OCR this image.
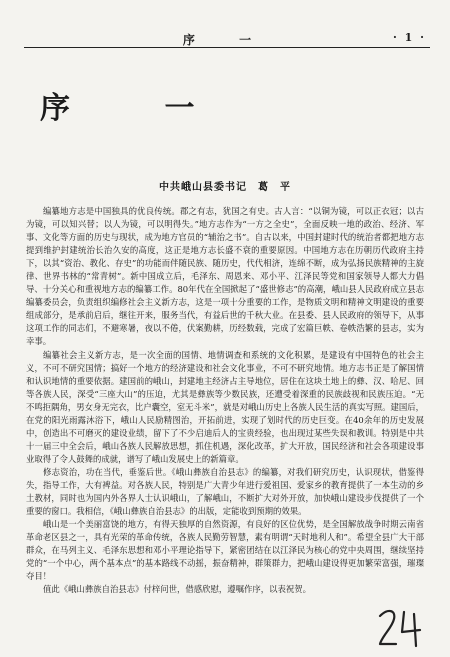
序 一	· 1 ·
序 一
中共峨山县委书记　葛　平

编纂地方志是中国独具的优良传统。郡之有志，犹国之有史。古人言：“以铜为镜，可以正衣冠；以古为镜，可以知兴替；以人为镜，可以明得失。”地方志作为“一方之全史”，全面反映一地的政治、经济、军事、文化等方面的历史与现状，成为地方官员的“辅治之书”。自古以来，中国封建时代的统治者都把地方志提到维护封建统治长治久安的高度，这正是地方志长盛不衰的重要原因。中国地方志在历朝历代政府主持下，以其“资治、教化、存史”的功能而伴随民族、随历史，代代相济，连绵不断，成为弘扬民族精神的主旋律、世界书林的“常青树”。新中国成立后，毛泽东、周恩来、邓小平、江泽民等党和国家领导人都大力倡导、十分关心和重视地方志的编纂工作。80年代在全国掀起了“盛世修志”的高潮，峨山县人民政府成立县志编纂委员会，负责组织编修社会主义新方志，这是一项十分重要的工作，是物质文明和精神文明建设的重要组成部分，是承前启后，继往开来，服务当代，有益后世的千秋大业。在县委、县人民政府的领导下，从事这项工作的同志们，不避寒暑，夜以不倦，伏案勤耕，历经数载，完成了宏篇巨帙、卷帙浩繁的县志，实为幸事。

编纂社会主义新方志，是一次全面的国情、地情调查和系统的文化积累，是建设有中国特色的社会主义，不可不研究国情；搞好一个地方的经济建设和社会文化事业，不可不研究地情。地方志书正是了解国情和认识地情的重要依据。建国前的峨山，封建地主经济占主导地位，居住在这块土地上的彝、汉、哈尼、回等各族人民，深受“三座大山”的压迫，尤其是彝族等少数民族，还遭受着深重的民族歧视和民族压迫。“无不鸣拒隅角，男女身无完衣，比户囊空，室无斗米”，就是对峨山历史上各族人民生活的真实写照。建国后，在党的阳光雨露沐浴下，峨山人民励精图治，开拓前进，实现了划时代的历史巨变。在40余年的历史发展中，创造出不可磨灭的建设业绩，留下了不少启迪后人的宝贵经验，也出现过某些失误和教训。特别是中共十一届三中全会后，峨山各族人民解放思想，抓住机遇，深化改革，扩大开放，国民经济和社会各项建设事业取得了令人鼓舞的成就，谱写了峨山发展史上的新篇章。

修志资治，功在当代，垂鉴后世。《峨山彝族自治县志》的编纂，对我们研究历史，认识现状，借鉴得失，指导工作，大有裨益。对各族人民，特别是广大青少年进行爱祖国、爱家乡的教育提供了一本生动的乡土教材，同时也为国内外各界人士认识峨山，了解峨山，不断扩大对外开放，加快峨山建设步伐提供了一个重要的窗口。我相信，《峨山彝族自治县志》的出版，定能收到预期的效果。

峨山是一个美丽富饶的地方，有得天独厚的自然资源，有良好的区位优势，是全国解放战争时期云南省革命老区县之一，具有光荣的革命传统，各族人民勤劳智慧，素有明谓“天时地利人和”。希望全县广大干部群众，在马列主义、毛泽东思想和邓小平理论指导下，紧密团结在以江泽民为核心的党中央周围，继续坚持党的“一个中心，两个基本点”的基本路线不动摇，振奋精神，群策群力，把峨山建设得更加繁荣富强，璀璨夺目！

值此《峨山彝族自治县志》付梓问世，借感欣慰，遵嘱作序，以表祝贺。
